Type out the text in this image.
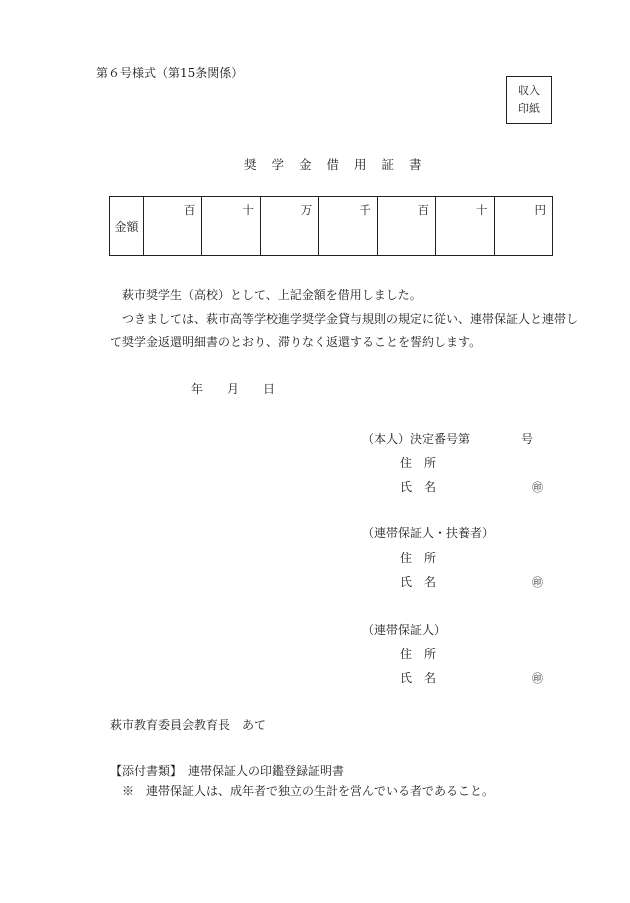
第６号様式（第15条関係）
収入
印紙
奨学金借用証書
金額	百	十	万	千	百	十	円
萩市奨学生（高校）として、上記金額を借用しました。
つきましては、萩市高等学校進学奨学金貸与規則の規定に従い、連帯保証人と連帯し
て奨学金返還明細書のとおり、滞りなく返還することを誓約します。
年 月 日
（本人）決定番号第	号
住　所
氏　名	㊞
（連帯保証人・扶養者）
住　所
氏　名	㊞
（連帯保証人）
住　所
氏　名	㊞
萩市教育委員会教育長　あて
【添付書類】　連帯保証人の印鑑登録証明書
※　連帯保証人は、成年者で独立の生計を営んでいる者であること。
